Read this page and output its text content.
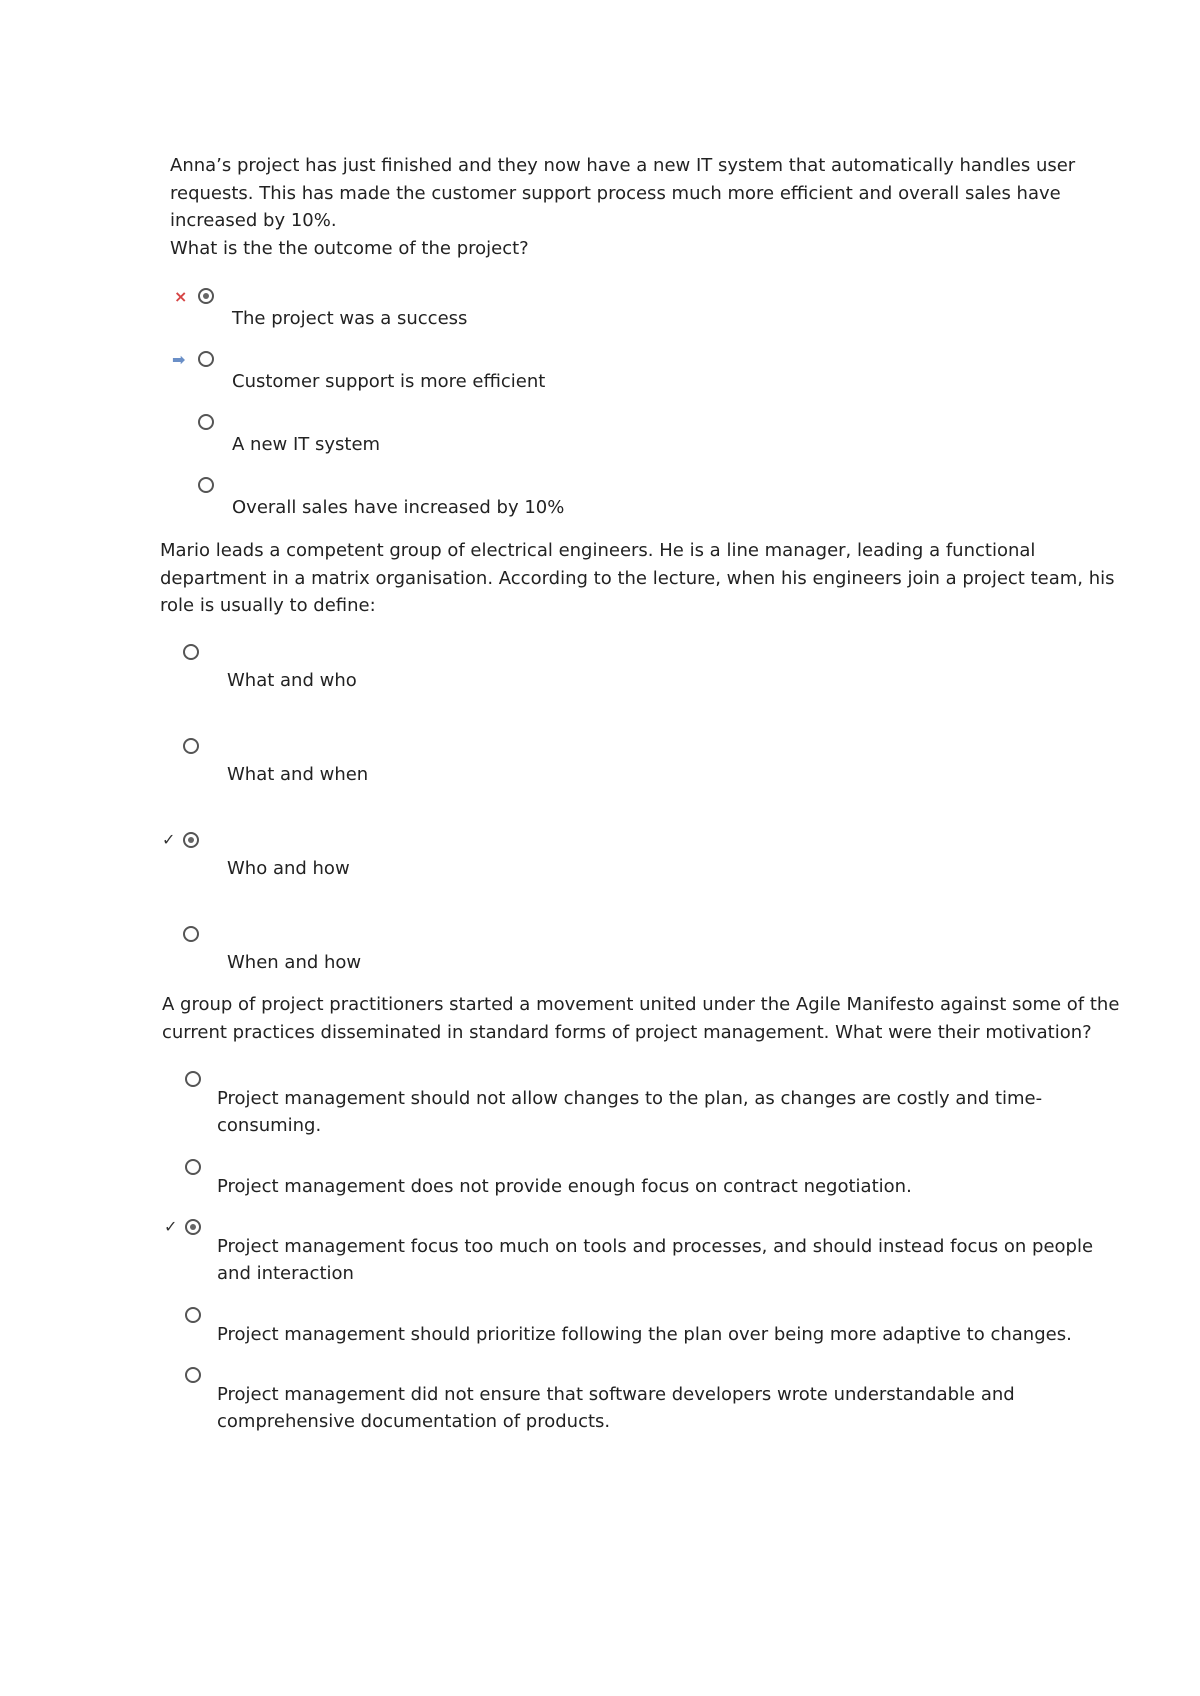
Anna’s project has just finished and they now have a new IT system that automatically handles user
requests. This has made the customer support process much more efficient and overall sales have
increased by 10%.
What is the the outcome of the project?

×
The project was a success
➡
Customer support is more efficient
A new IT system
Overall sales have increased by 10%

Mario leads a competent group of electrical engineers. He is a line manager, leading a functional
department in a matrix organisation. According to the lecture, when his engineers join a project team, his
role is usually to define:

What and who
What and when
✓
Who and how
When and how

A group of project practitioners started a movement united under the Agile Manifesto against some of the
current practices disseminated in standard forms of project management. What were their motivation?

Project management should not allow changes to the plan, as changes are costly and time-
consuming.

Project management does not provide enough focus on contract negotiation.

✓

Project management focus too much on tools and processes, and should instead focus on people
and interaction

Project management should prioritize following the plan over being more adaptive to changes.

Project management did not ensure that software developers wrote understandable and
comprehensive documentation of products.
